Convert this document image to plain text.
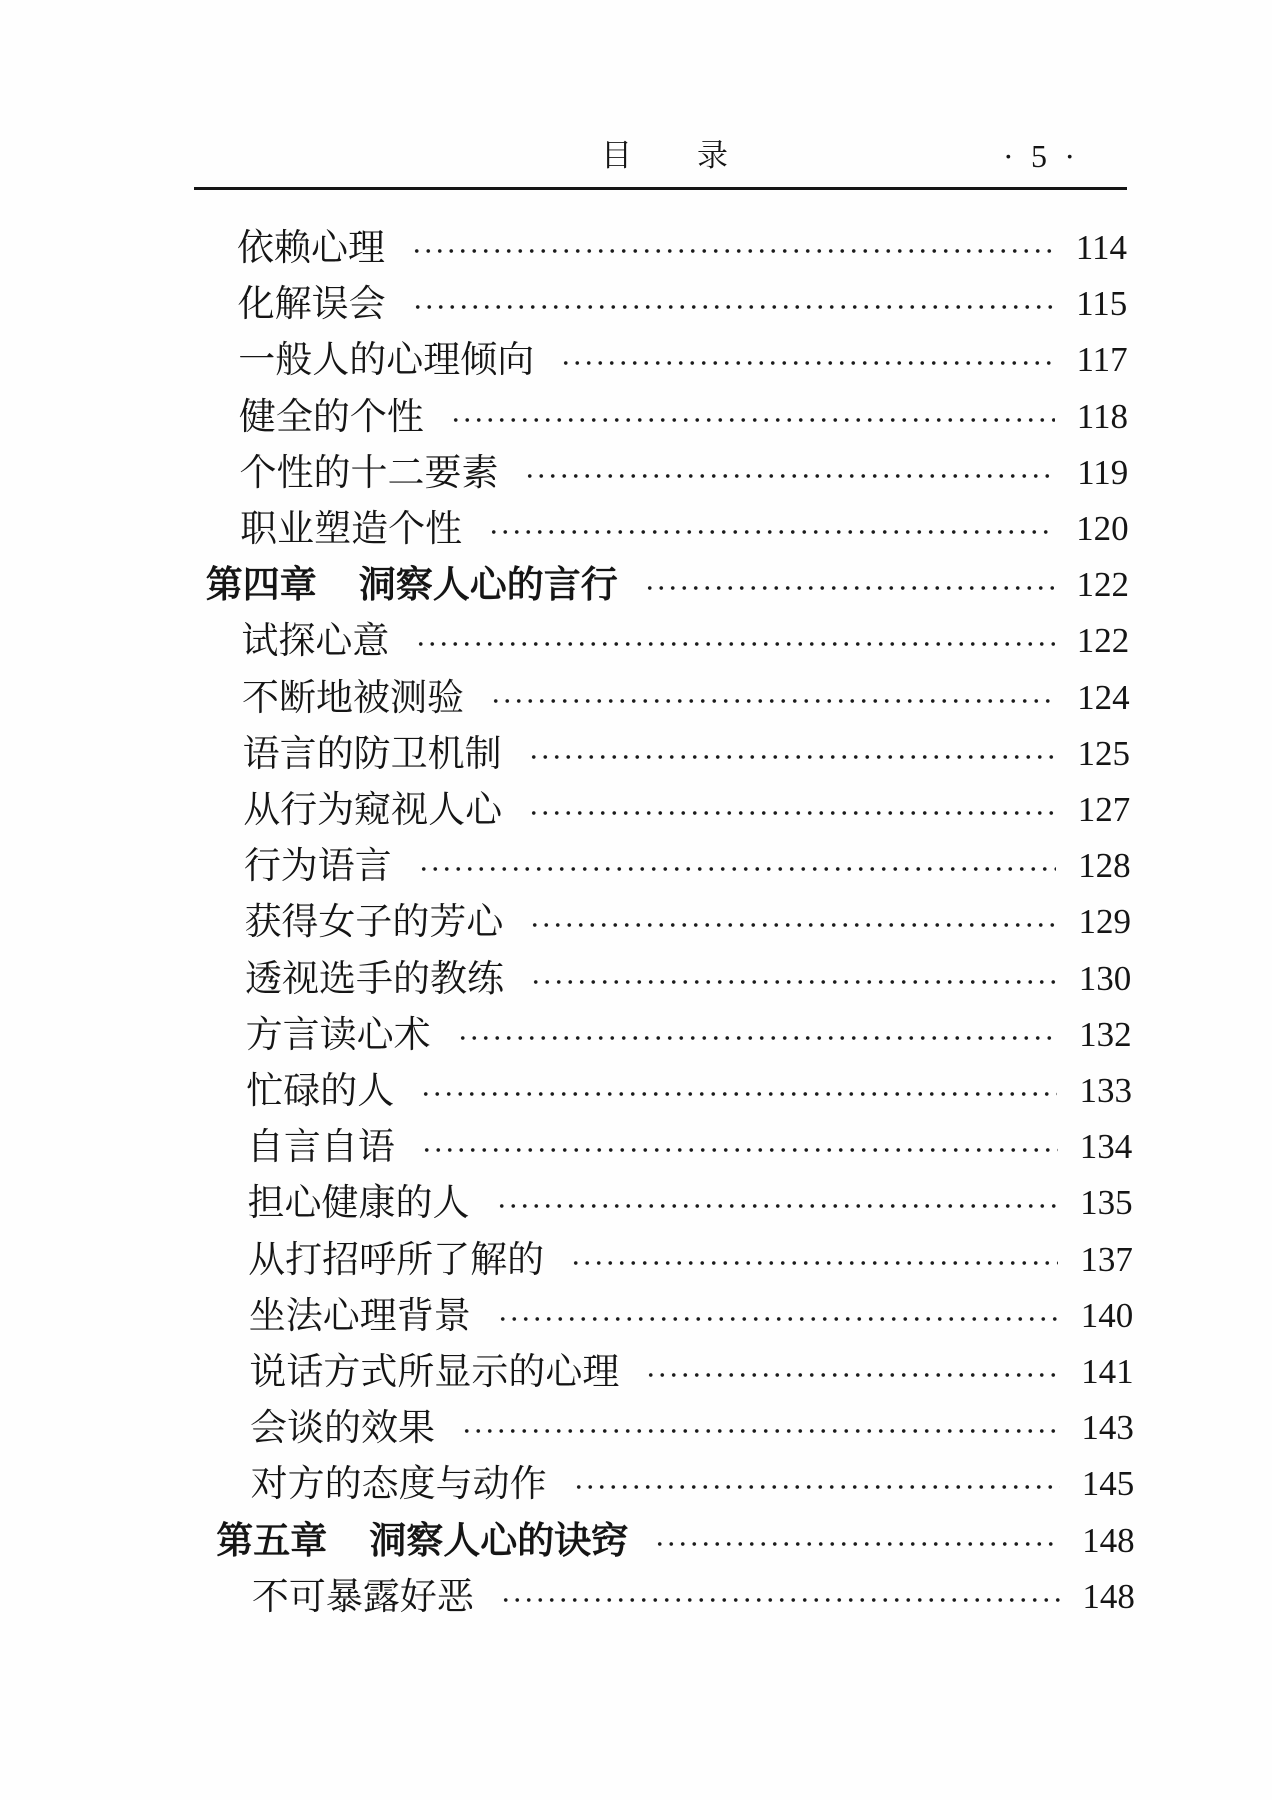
目 录	· 5 ·
依赖心理	114
化解误会	115
一般人的心理倾向	117
健全的个性	118
个性的十二要素	119
职业塑造个性	120
第四章 洞察人心的言行	122
试探心意	122
不断地被测验	124
语言的防卫机制	125
从行为窥视人心	127
行为语言	128
获得女子的芳心	129
透视选手的教练	130
方言读心术	132
忙碌的人	133
自言自语	134
担心健康的人	135
从打招呼所了解的	137
坐法心理背景	140
说话方式所显示的心理	141
会谈的效果	143
对方的态度与动作	145
第五章 洞察人心的诀窍	148
不可暴露好恶	148
